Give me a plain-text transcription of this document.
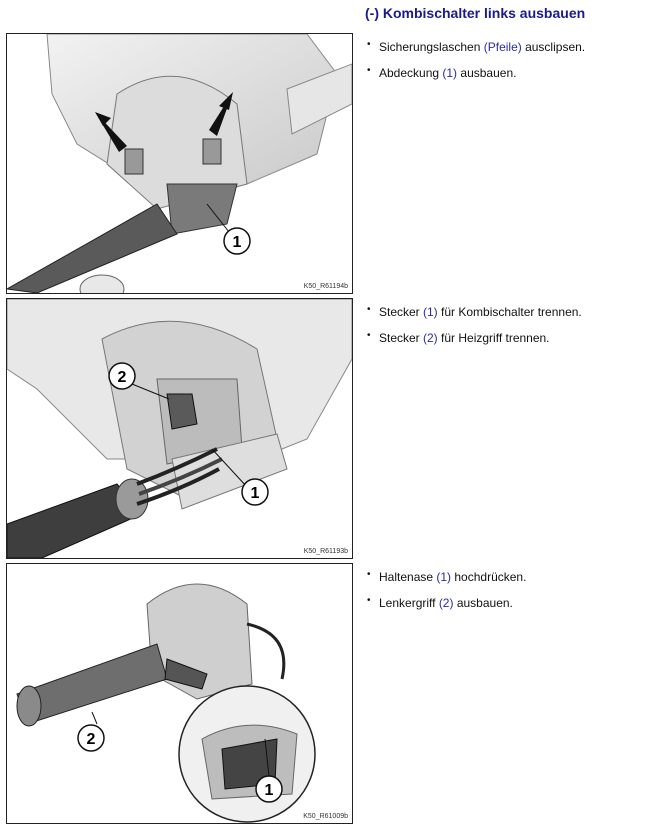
(-) Kombischalter links ausbauen
1
K50_R61194b
• Sicherungslaschen (Pfeile) ausclipsen.
• Abdeckung (1) ausbauen.
2
1
K50_R61193b
• Stecker (1) für Kombischalter trennen.
• Stecker (2) für Heizgriff trennen.
2
1
K50_R61009b
• Haltenase (1) hochdrücken.
• Lenkergriff (2) ausbauen.
